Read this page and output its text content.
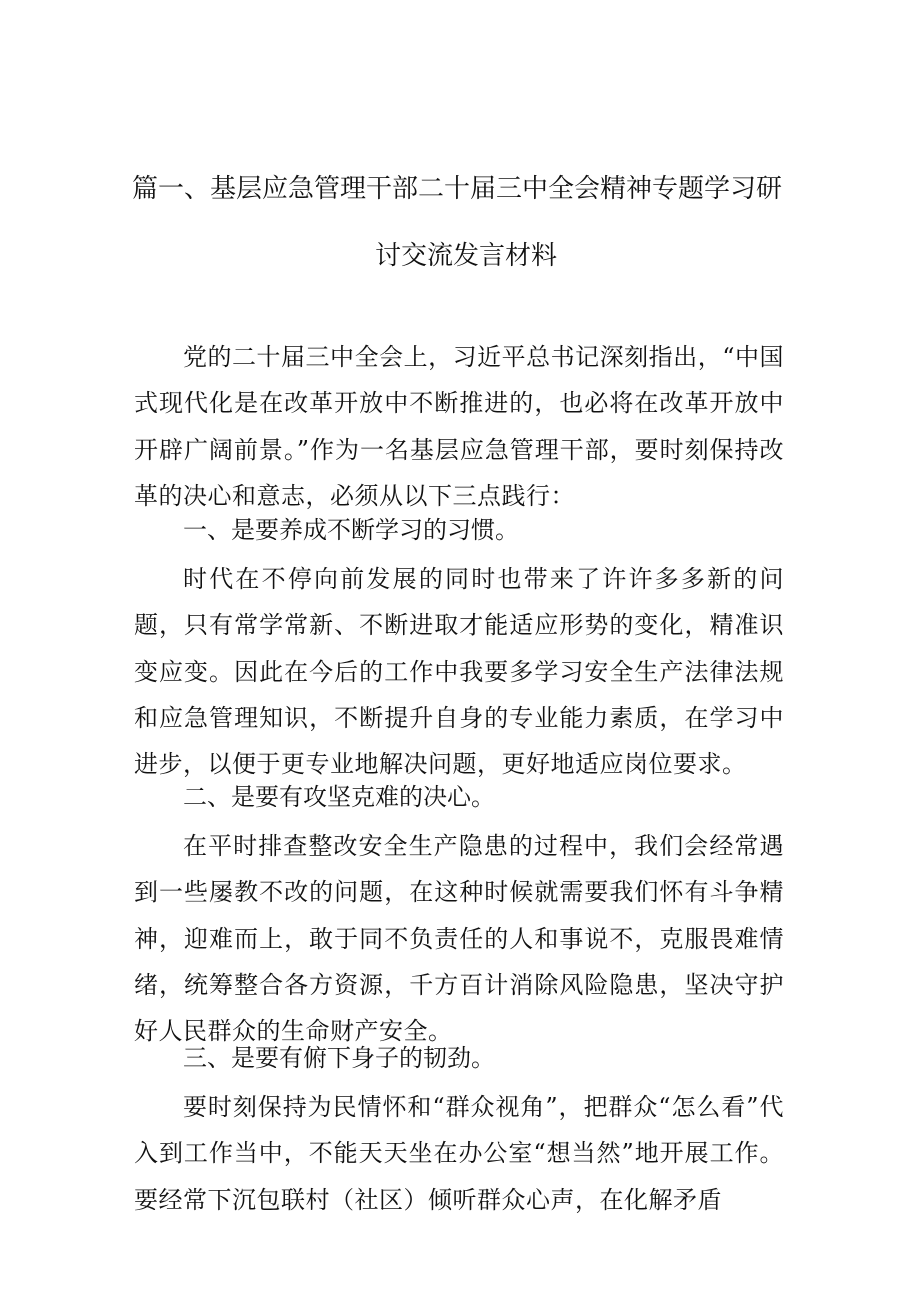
篇一、基层应急管理干部二十届三中全会精神专题学习研
讨交流发言材料
党的二十届三中全会上，习近平总书记深刻指出，“中国式现代化是在改革开放中不断推进的，也必将在改革开放中开辟广阔前景。”作为一名基层应急管理干部，要时刻保持改革的决心和意志，必须从以下三点践行：
一、是要养成不断学习的习惯。
时代在不停向前发展的同时也带来了许许多多新的问题，只有常学常新、不断进取才能适应形势的变化，精准识变应变。因此在今后的工作中我要多学习安全生产法律法规和应急管理知识，不断提升自身的专业能力素质，在学习中进步，以便于更专业地解决问题，更好地适应岗位要求。
二、是要有攻坚克难的决心。
在平时排查整改安全生产隐患的过程中，我们会经常遇到一些屡教不改的问题，在这种时候就需要我们怀有斗争精神，迎难而上，敢于同不负责任的人和事说不，克服畏难情绪，统筹整合各方资源，千方百计消除风险隐患，坚决守护好人民群众的生命财产安全。
三、是要有俯下身子的韧劲。
要时刻保持为民情怀和“群众视角”，把群众“怎么看”代入到工作当中，不能天天坐在办公室“想当然”地开展工作。要经常下沉包联村（社区）倾听群众心声，在化解矛盾
